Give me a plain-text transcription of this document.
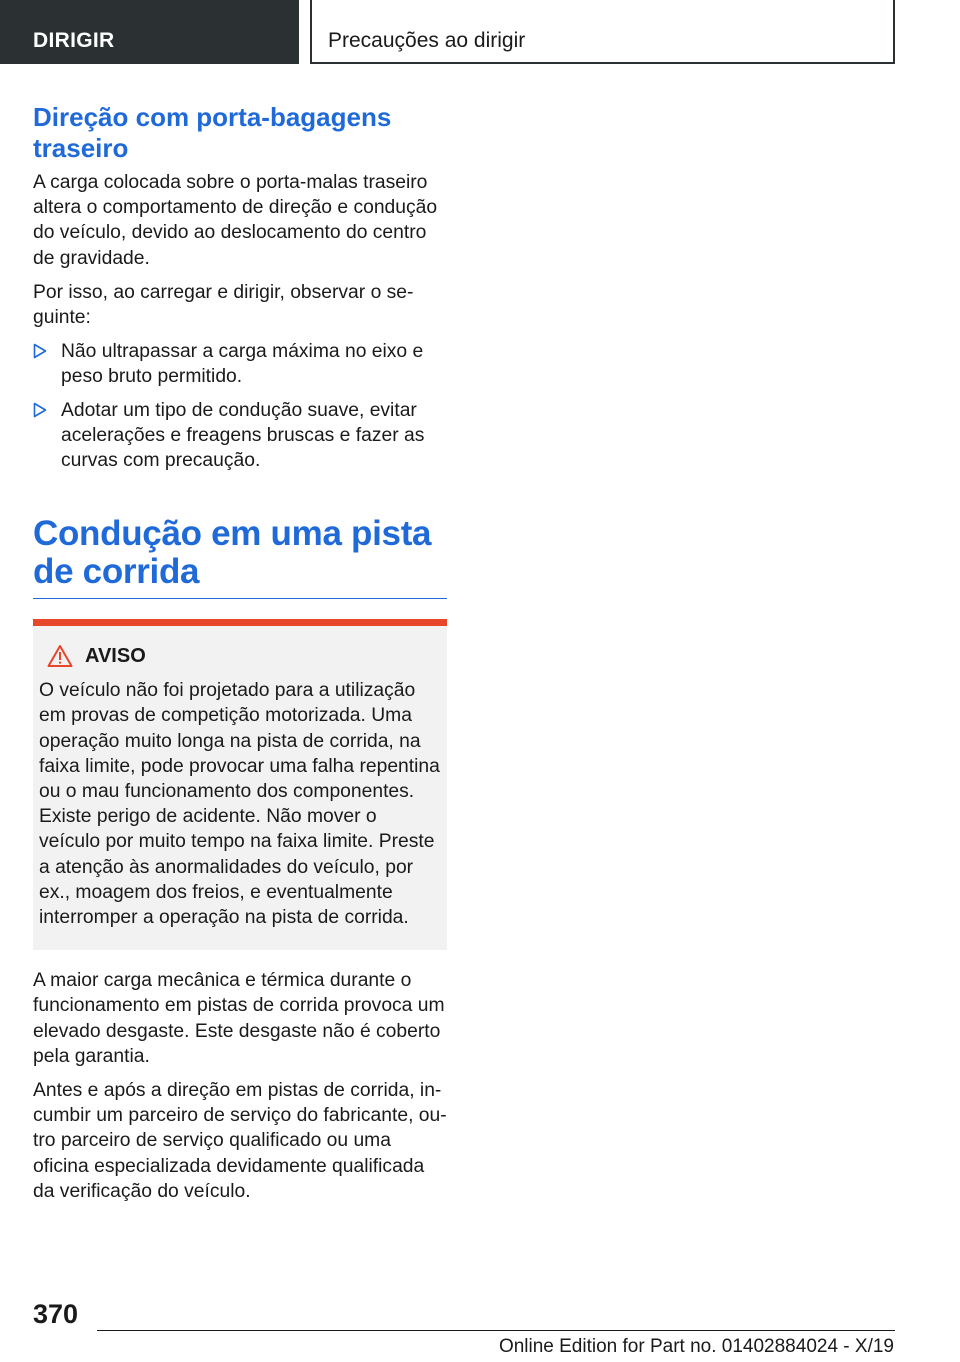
DIRIGIR	Precauções ao dirigir
Direção com porta-bagagens traseiro

A carga colocada sobre o porta-malas traseiro altera o comportamento de direção e condução do veículo, devido ao deslocamento do centro de gravidade.

Por isso, ao carregar e dirigir, observar o seguinte:

Não ultrapassar a carga máxima no eixo e peso bruto permitido.
Adotar um tipo de condução suave, evitar acelerações e freagens bruscas e fazer as curvas com precaução.
Condução em uma pista de corrida
AVISO

O veículo não foi projetado para a utilização em provas de competição motorizada. Uma operação muito longa na pista de corrida, na faixa limite, pode provocar uma falha repentina ou o mau funcionamento dos componentes. Existe perigo de acidente. Não mover o veículo por muito tempo na faixa limite. Preste a atenção às anormalidades do veículo, por ex., moagem dos freios, e eventualmente interromper a operação na pista de corrida.

A maior carga mecânica e térmica durante o funcionamento em pistas de corrida provoca um elevado desgaste. Este desgaste não é coberto pela garantia.

Antes e após a direção em pistas de corrida, incumbir um parceiro de serviço do fabricante, outro parceiro de serviço qualificado ou uma oficina especializada devidamente qualificada da verificação do veículo.

370
Online Edition for Part no. 01402884024 - X/19
